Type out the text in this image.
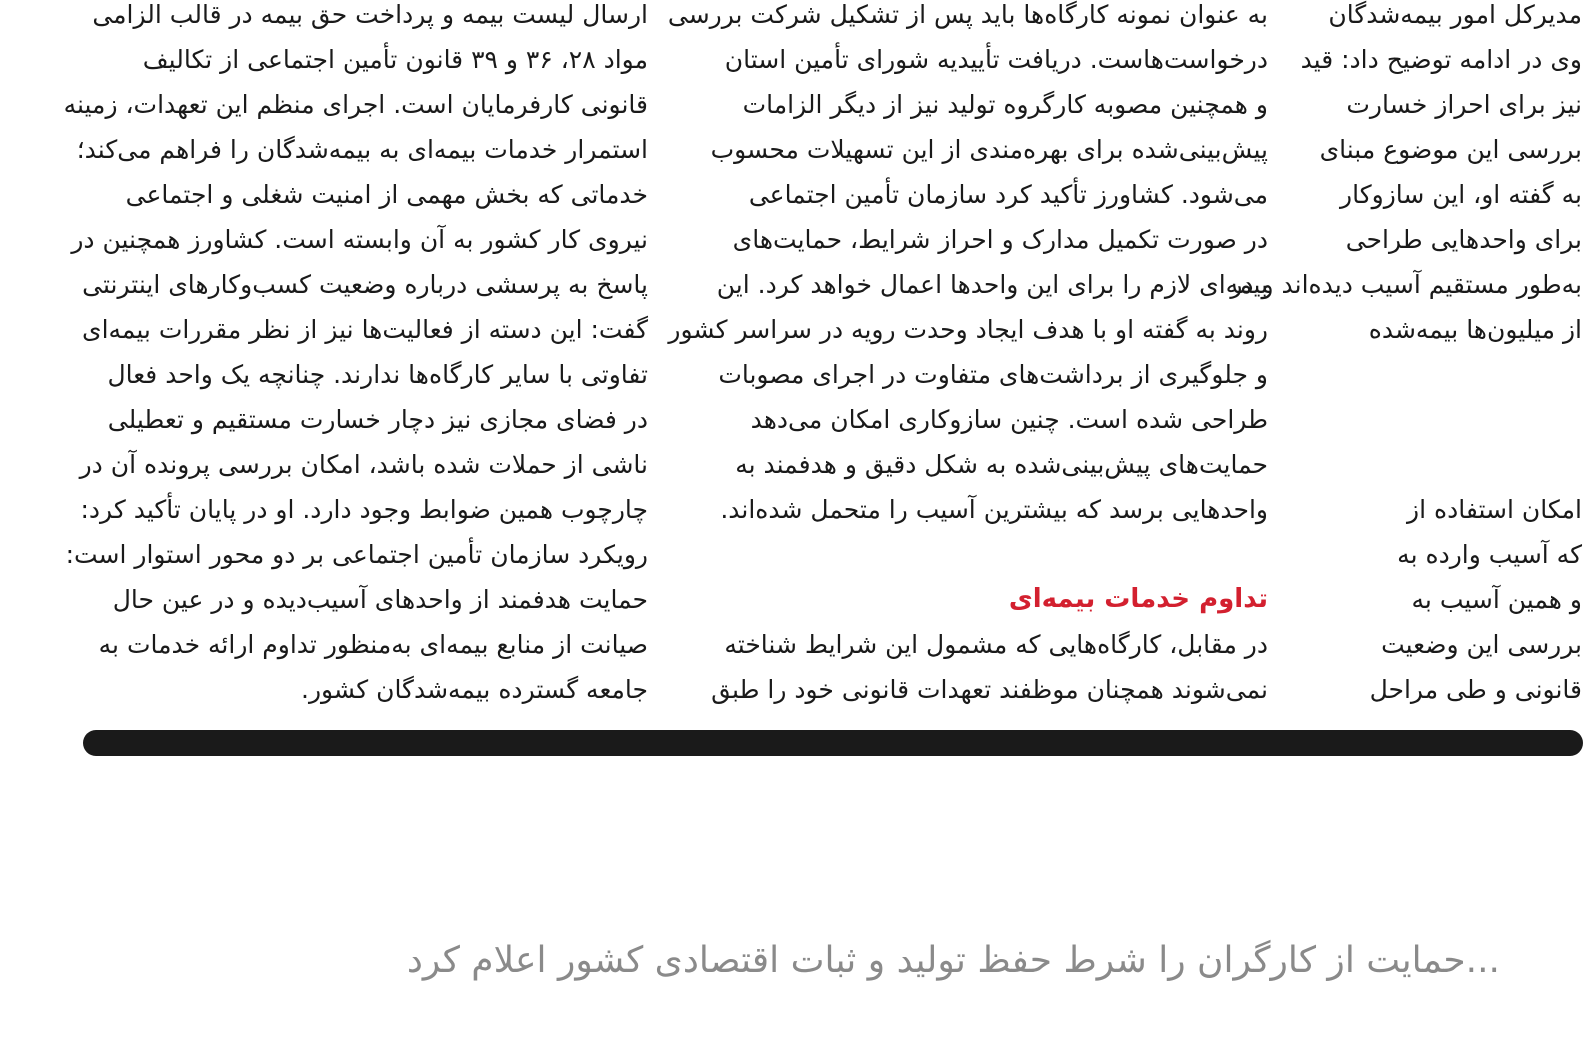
ارسال لیست بیمه و پرداخت حق بیمه در قالب الزامی
مواد ۲۸، ۳۶ و ۳۹ قانون تأمین اجتماعی از تکالیف
قانونی کارفرمایان است. اجرای منظم این تعهدات، زمینه
استمرار خدمات بیمه‌ای به بیمه‌شدگان را فراهم می‌کند؛
خدماتی که بخش مهمی از امنیت شغلی و اجتماعی
نیروی کار کشور به آن وابسته است. کشاورز همچنین در
پاسخ به پرسشی درباره وضعیت کسب‌وکارهای اینترنتی
گفت: این دسته از فعالیت‌ها نیز از نظر مقررات بیمه‌ای
تفاوتی با سایر کارگاه‌ها ندارند. چنانچه یک واحد فعال
در فضای مجازی نیز دچار خسارت مستقیم و تعطیلی
ناشی از حملات شده باشد، امکان بررسی پرونده آن در
چارچوب همین ضوابط وجود دارد. او در پایان تأکید کرد:
رویکرد سازمان تأمین اجتماعی بر دو محور استوار است:
حمایت هدفمند از واحدهای آسیب‌دیده و در عین حال
صیانت از منابع بیمه‌ای به‌منظور تداوم ارائه خدمات به
جامعه گسترده بیمه‌شدگان کشور.
به عنوان نمونه کارگاه‌ها باید پس از تشکیل شرکت بررسی
درخواست‌هاست. دریافت تأییدیه شورای تأمین استان
و همچنین مصوبه کارگروه تولید نیز از دیگر الزامات
پیش‌بینی‌شده برای بهره‌مندی از این تسهیلات محسوب
می‌شود. کشاورز تأکید کرد سازمان تأمین اجتماعی
در صورت تکمیل مدارک و احراز شرایط، حمایت‌های
بیمه‌ای لازم را برای این واحدها اعمال خواهد کرد. این
روند به گفته او با هدف ایجاد وحدت رویه در سراسر کشور
و جلوگیری از برداشت‌های متفاوت در اجرای مصوبات
طراحی شده است. چنین سازوکاری امکان می‌دهد
حمایت‌های پیش‌بینی‌شده به شکل دقیق و هدفمند به
واحدهایی برسد که بیشترین آسیب را متحمل شده‌اند.
تداوم خدمات بیمه‌ای
در مقابل، کارگاه‌هایی که مشمول این شرایط شناخته
نمی‌شوند همچنان موظفند تعهدات قانونی خود را طبق
مدیرکل امور بیمه‌شدگان
وی در ادامه توضیح داد: قید
نیز برای احراز خسارت
بررسی این موضوع مبنای
به گفته او، این سازوکار
برای واحدهایی طراحی
به‌طور مستقیم آسیب دیده‌اند و در
از میلیون‌ها بیمه‌شده
امکان استفاده از
که آسیب وارده به
و همین آسیب به
بررسی این وضعیت
قانونی و طی مراحل
...حمایت از کارگران را شرط حفظ تولید و ثبات اقتصادی کشور اعلام کرد
